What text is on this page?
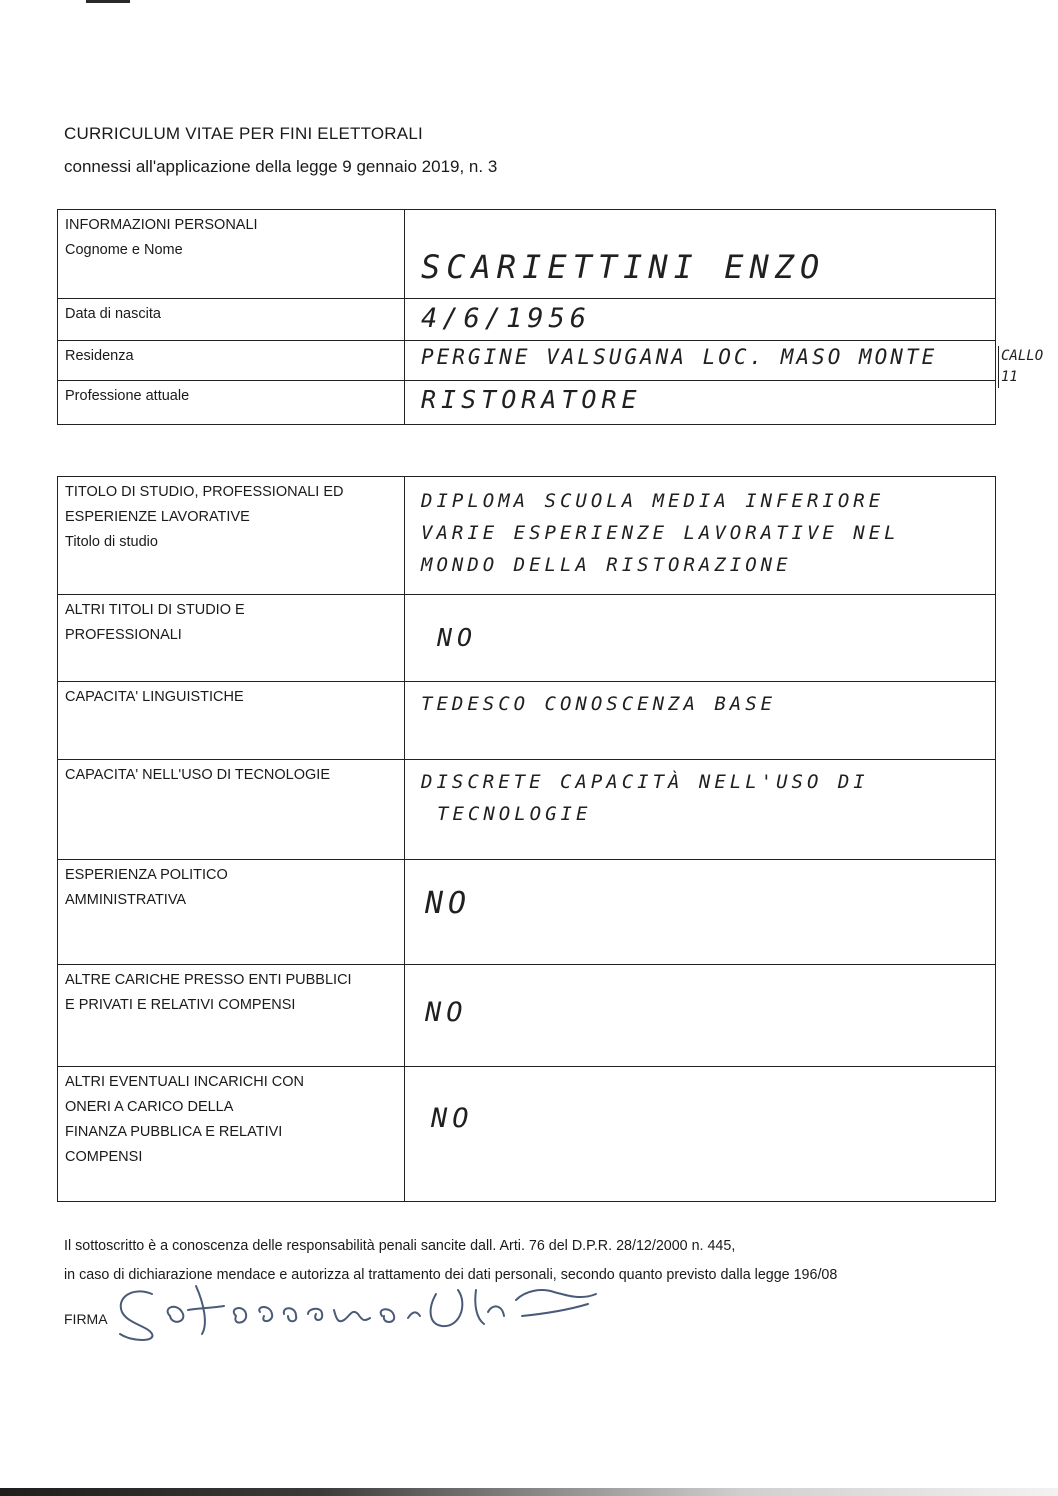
CURRICULUM VITAE PER FINI ELETTORALI
connessi all'applicazione della legge 9 gennaio 2019, n. 3
INFORMAZIONI PERSONALI
Cognome e Nome	SCARIETTINI ENZO

Data di nascita	4/6/1956

Residenza	PERGINE VALSUGANA LOC. MASO MONTE

Professione attuale	RISTORATORE
CALLO
11
TITOLO DI STUDIO, PROFESSIONALI ED
ESPERIENZE LAVORATIVE
Titolo di studio	DIPLOMA SCUOLA MEDIA INFERIORE
VARIE ESPERIENZE LAVORATIVE NEL
MONDO DELLA RISTORAZIONE

ALTRI TITOLI DI STUDIO E
PROFESSIONALI	NO

CAPACITA' LINGUISTICHE	TEDESCO CONOSCENZA BASE

CAPACITA' NELL'USO DI TECNOLOGIE	DISCRETE CAPACITÀ NELL'USO DI
TECNOLOGIE

ESPERIENZA POLITICO
AMMINISTRATIVA	NO

ALTRE CARICHE PRESSO ENTI PUBBLICI
E PRIVATI E RELATIVI COMPENSI	NO

ALTRI EVENTUALI INCARICHI CON
ONERI A CARICO DELLA
FINANZA PUBBLICA E RELATIVI
COMPENSI	NO
Il sottoscritto è a conoscenza delle responsabilità penali sancite dall. Arti. 76 del D.P.R. 28/12/2000 n. 445,
in caso di dichiarazione mendace e autorizza al trattamento dei dati personali, secondo quanto previsto dalla legge 196/08
FIRMA
